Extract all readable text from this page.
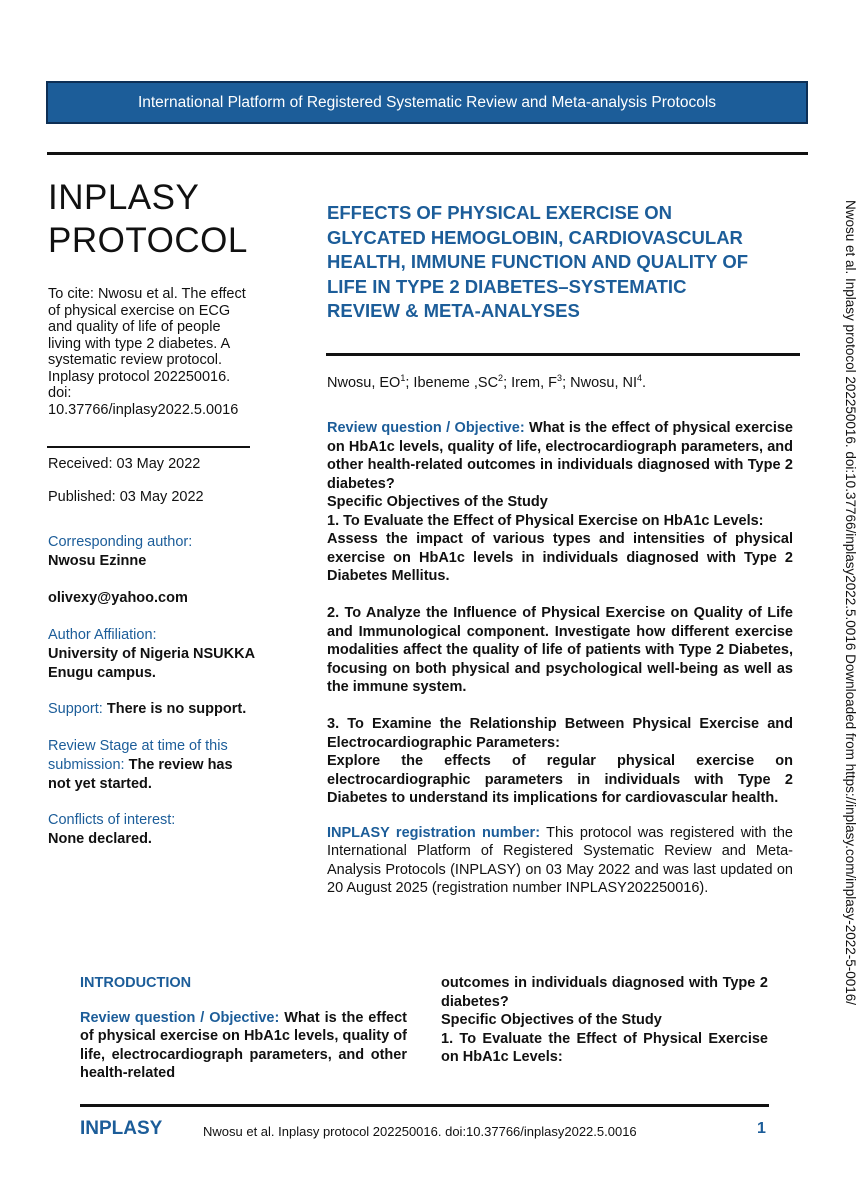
International Platform of Registered Systematic Review and Meta-analysis Protocols
INPLASY
PROTOCOL
To cite: Nwosu et al. The effect
of physical exercise on ECG
and quality of life of people
living with type 2 diabetes. A
systematic review protocol.
Inplasy protocol 202250016.
doi:
10.37766/inplasy2022.5.0016
Received: 03 May 2022
Published: 03 May 2022
Corresponding author:
Nwosu Ezinne
olivexy@yahoo.com
Author Affiliation:
University of Nigeria NSUKKA
Enugu campus.
Support: There is no support.
Review Stage at time of this
submission: The review has
not yet started.
Conflicts of interest:
None declared.
EFFECTS OF PHYSICAL EXERCISE ON
GLYCATED HEMOGLOBIN, CARDIOVASCULAR
HEALTH, IMMUNE FUNCTION AND QUALITY OF
LIFE IN TYPE 2 DIABETES–SYSTEMATIC
REVIEW & META-ANALYSES
Nwosu, $EO^1$; Ibeneme $,SC^2$; Irem, $F^3$; Nwosu, $NI^4$.

Review question / Objective: What is the effect of physical exercise on HbA1c levels, quality of life, electrocardiograph parameters, and other health-related outcomes in individuals diagnosed with Type 2 diabetes?

Specific Objectives of the Study

1. To Evaluate the Effect of Physical Exercise on HbA1c Levels:

Assess the impact of various types and intensities of physical exercise on HbA1c levels in individuals diagnosed with Type 2 Diabetes Mellitus.

2. To Analyze the Influence of Physical Exercise on Quality of Life and Immunological component. Investigate how different exercise modalities affect the quality of life of patients with Type 2 Diabetes, focusing on both physical and psychological well-being as well as the immune system.

3. To Examine the Relationship Between Physical Exercise and Electrocardiographic Parameters:

Explore the effects of regular physical exercise on electrocardiographic parameters in individuals with Type 2 Diabetes to understand its implications for cardiovascular health.

INPLASY registration number: This protocol was registered with the International Platform of Registered Systematic Review and Meta-Analysis Protocols (INPLASY) on 03 May 2022 and was last updated on 20 August 2025 (registration number INPLASY202250016).

INTRODUCTION

Review question / Objective: What is the effect of physical exercise on HbA1c levels, quality of life, electrocardiograph parameters, and other health-related

outcomes in individuals diagnosed with Type 2 diabetes?

Specific Objectives of the Study

1. To Evaluate the Effect of Physical Exercise on HbA1c Levels:

INPLASY	Nwosu et al. Inplasy protocol 202250016. doi:10.37766/inplasy2022.5.0016	1
Nwosu et al. Inplasy protocol 202250016. doi:10.37766/inplasy2022.5.0016 Downloaded from https://inplasy.com/inplasy-2022-5-0016/
